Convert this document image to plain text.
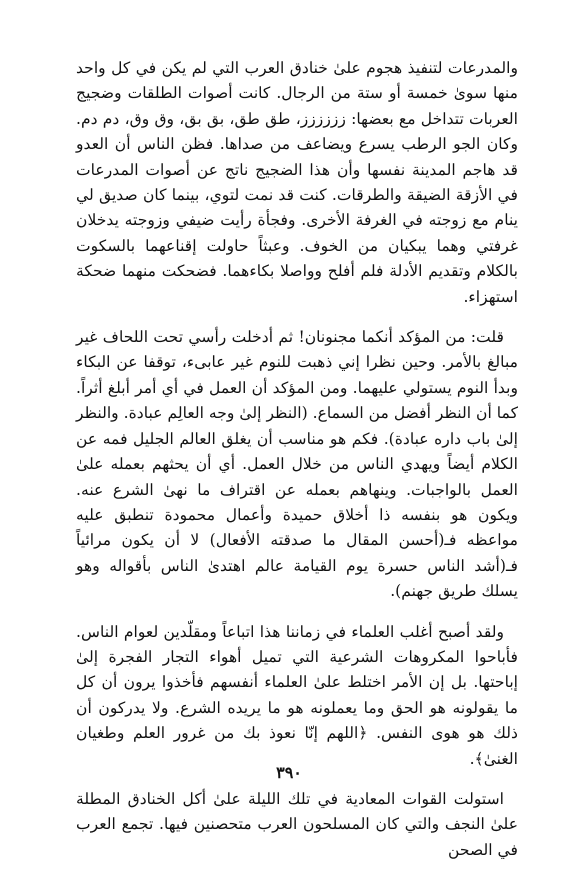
والمدرعات لتنفيذ هجوم علىٰ خنادق العرب التي لم يكن في كل واحد منها سوىٰ خمسة أو ستة من الرجال. كانت أصوات الطلقات وضجيج العربات تتداخل مع بعضها: زززززز، طق طق، بق بق، وق وق، دم دم. وكان الجو الرطب يسرع ويضاعف من صداها. فظن الناس أن العدو قد هاجم المدينة نفسها وأن هذا الضجيج ناتج عن أصوات المدرعات في الأزقة الضيقة والطرقات. كنت قد نمت لتوي، بينما كان صديق لي ينام مع زوجته في الغرفة الأخرى. وفجأة رأيت ضيفي وزوجته يدخلان غرفتي وهما يبكيان من الخوف. وعبثاً حاولت إقناعهما بالسكوت بالكلام وتقديم الأدلة فلم أفلح وواصلا بكاءهما. فضحكت منهما ضحكة استهزاء.

قلت: من المؤكد أنكما مجنونان! ثم أدخلت رأسي تحت اللحاف غير مبالغ بالأمر. وحين نظرا إني ذهبت للنوم غير عابىء، توقفا عن البكاء وبدأ النوم يستولي عليهما. ومن المؤكد أن العمل في أي أمر أبلغ أثراً. كما أن النظر أفضل من السماع. (النظر إلىٰ وجه العالِم عبادة. والنظر إلىٰ باب داره عبادة). فكم هو مناسب أن يغلق العالم الجليل فمه عن الكلام أيضاً ويهدي الناس من خلال العمل. أي أن يحثهم بعمله علىٰ العمل بالواجبات. وينهاهم بعمله عن اقتراف ما نهىٰ الشرع عنه. ويكون هو بنفسه ذا أخلاق حميدة وأعمال محمودة تنطبق عليه مواعظه فـ(أحسن المقال ما صدقته الأفعال) لا أن يكون مرائياً فـ(أشد الناس حسرة يوم القيامة عالم اهتدىٰ الناس بأقواله وهو يسلك طريق جهنم).

ولقد أصبح أغلب العلماء في زماننا هذا اتباعاً ومقلّدين لعوام الناس. فأباحوا المكروهات الشرعية التي تميل أهواء التجار الفجرة إلىٰ إباحتها. بل إن الأمر اختلط علىٰ العلماء أنفسهم فأخذوا يرون أن كل ما يقولونه هو الحق وما يعملونه هو ما يريده الشرع. ولا يدركون أن ذلك هو هوى النفس. ﴿اللهم إنّا نعوذ بك من غرور العلم وطغيان الغنىٰ﴾.

استولت القوات المعادية في تلك الليلة علىٰ أكل الخنادق المطلة علىٰ النجف والتي كان المسلحون العرب متحصنين فيها. تجمع العرب في الصحن

٣٩٠
